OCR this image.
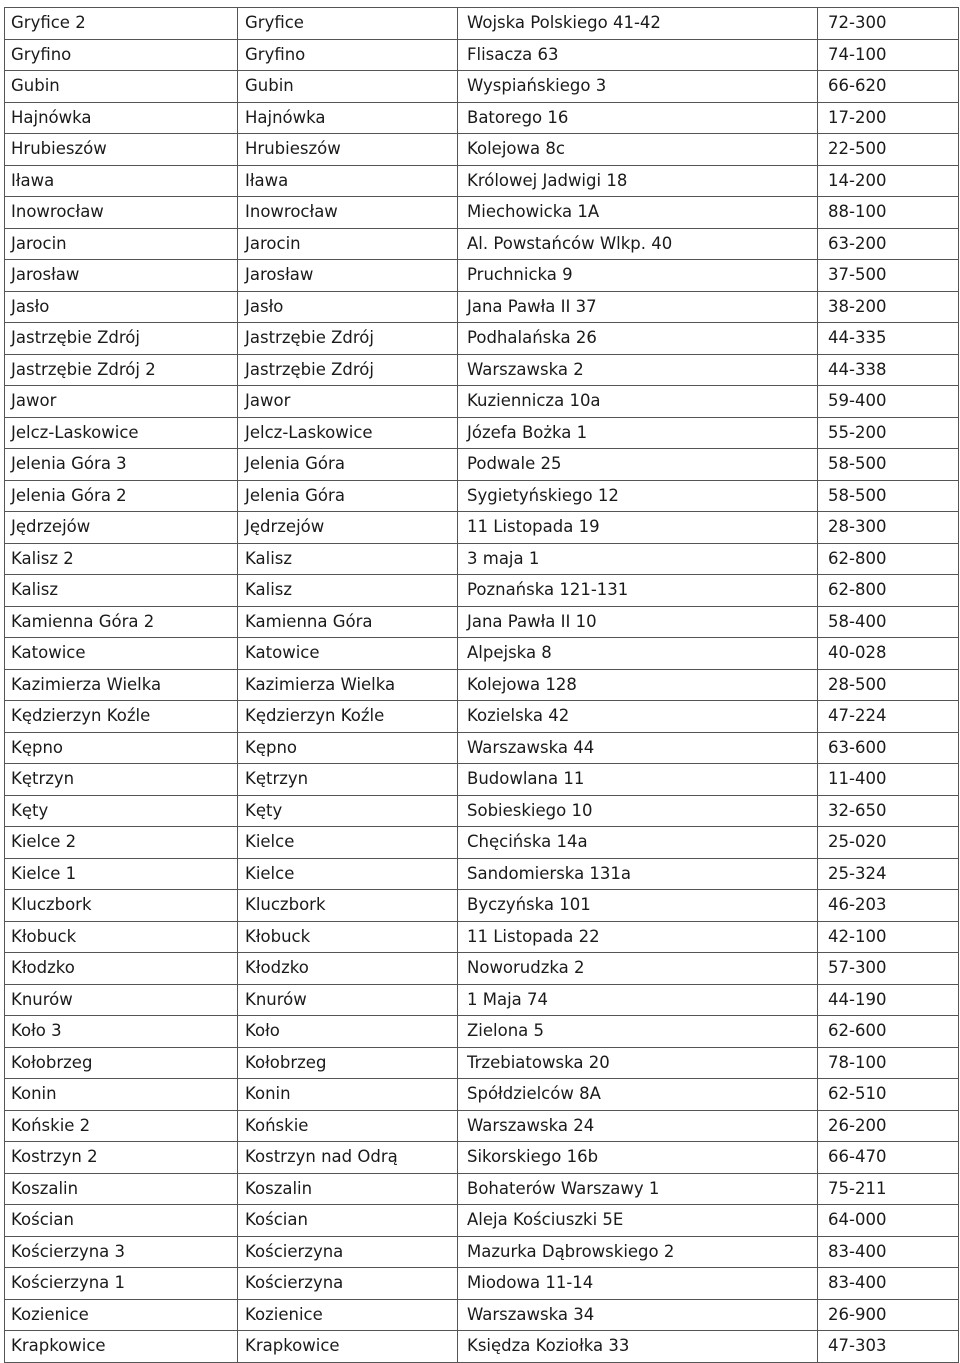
Gryfice 2	Gryfice	Wojska Polskiego 41-42	72-300
Gryfino	Gryfino	Flisacza 63	74-100
Gubin	Gubin	Wyspiańskiego 3	66-620
Hajnówka	Hajnówka	Batorego 16	17-200
Hrubieszów	Hrubieszów	Kolejowa 8c	22-500
Iława	Iława	Królowej Jadwigi 18	14-200
Inowrocław	Inowrocław	Miechowicka 1A	88-100
Jarocin	Jarocin	Al. Powstańców Wlkp. 40	63-200
Jarosław	Jarosław	Pruchnicka 9	37-500
Jasło	Jasło	Jana Pawła II 37	38-200
Jastrzębie Zdrój	Jastrzębie Zdrój	Podhalańska 26	44-335
Jastrzębie Zdrój 2	Jastrzębie Zdrój	Warszawska 2	44-338
Jawor	Jawor	Kuziennicza 10a	59-400
Jelcz-Laskowice	Jelcz-Laskowice	Józefa Bożka 1	55-200
Jelenia Góra 3	Jelenia Góra	Podwale 25	58-500
Jelenia Góra 2	Jelenia Góra	Sygietyńskiego 12	58-500
Jędrzejów	Jędrzejów	11 Listopada 19	28-300
Kalisz 2	Kalisz	3 maja 1	62-800
Kalisz	Kalisz	Poznańska 121-131	62-800
Kamienna Góra 2	Kamienna Góra	Jana Pawła II 10	58-400
Katowice	Katowice	Alpejska 8	40-028
Kazimierza Wielka	Kazimierza Wielka	Kolejowa 128	28-500
Kędzierzyn Koźle	Kędzierzyn Koźle	Kozielska 42	47-224
Kępno	Kępno	Warszawska 44	63-600
Kętrzyn	Kętrzyn	Budowlana 11	11-400
Kęty	Kęty	Sobieskiego 10	32-650
Kielce 2	Kielce	Chęcińska 14a	25-020
Kielce 1	Kielce	Sandomierska 131a	25-324
Kluczbork	Kluczbork	Byczyńska 101	46-203
Kłobuck	Kłobuck	11 Listopada 22	42-100
Kłodzko	Kłodzko	Noworudzka 2	57-300
Knurów	Knurów	1 Maja 74	44-190
Koło 3	Koło	Zielona 5	62-600
Kołobrzeg	Kołobrzeg	Trzebiatowska 20	78-100
Konin	Konin	Spółdzielców 8A	62-510
Końskie 2	Końskie	Warszawska 24	26-200
Kostrzyn 2	Kostrzyn nad Odrą	Sikorskiego 16b	66-470
Koszalin	Koszalin	Bohaterów Warszawy 1	75-211
Kościan	Kościan	Aleja Kościuszki 5E	64-000
Kościerzyna 3	Kościerzyna	Mazurka Dąbrowskiego 2	83-400
Kościerzyna 1	Kościerzyna	Miodowa 11-14	83-400
Kozienice	Kozienice	Warszawska 34	26-900
Krapkowice	Krapkowice	Księdza Koziołka 33	47-303
